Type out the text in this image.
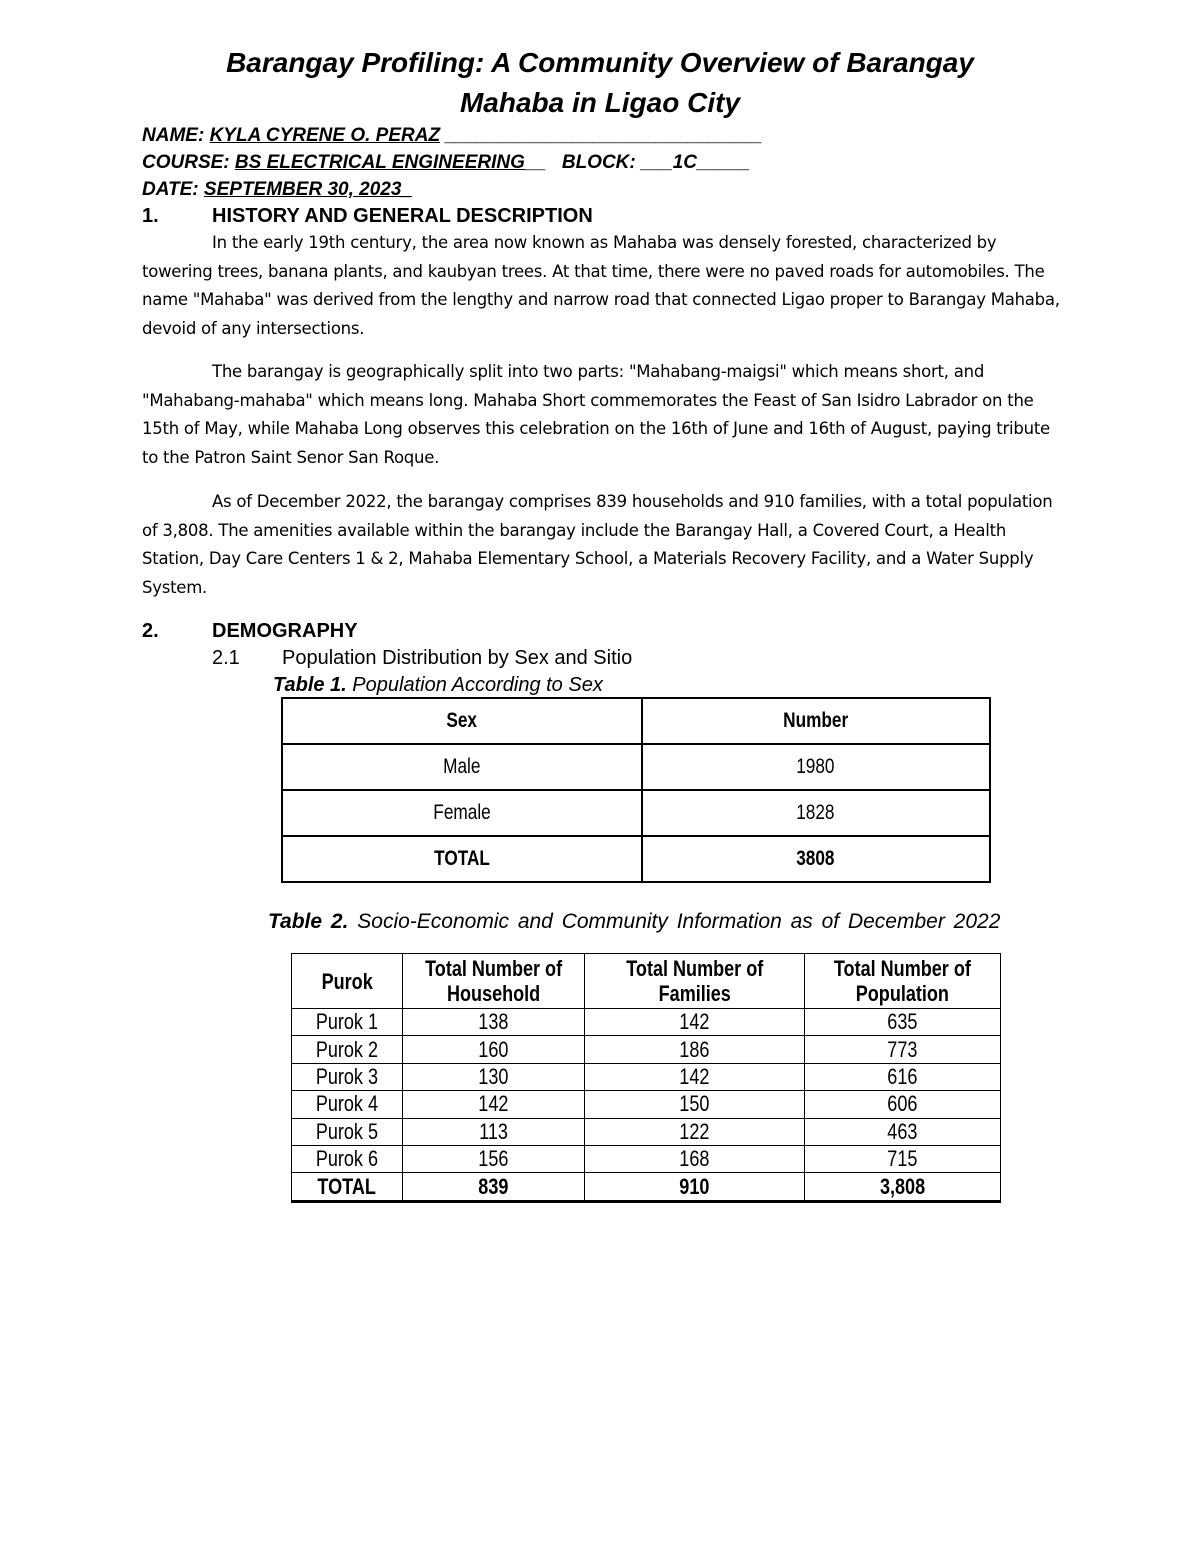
Barangay Profiling: A Community Overview of Barangay
Mahaba in Ligao City
NAME: KYLA CYRENE O. PERAZ ______________________________
COURSE: BS ELECTRICAL ENGINEERING__ BLOCK: ___1C_____
DATE: SEPTEMBER 30, 2023_
1.	HISTORY AND GENERAL DESCRIPTION

In the early 19th century, the area now known as Mahaba was densely forested, characterized by towering trees, banana plants, and kaubyan trees. At that time, there were no paved roads for automobiles. The name "Mahaba" was derived from the lengthy and narrow road that connected Ligao proper to Barangay Mahaba, devoid of any intersections.

The barangay is geographically split into two parts: "Mahabang-maigsi" which means short, and "Mahabang-mahaba" which means long. Mahaba Short commemorates the Feast of San Isidro Labrador on the 15th of May, while Mahaba Long observes this celebration on the 16th of June and 16th of August, paying tribute to the Patron Saint Senor San Roque.

As of December 2022, the barangay comprises 839 households and 910 families, with a total population of 3,808. The amenities available within the barangay include the Barangay Hall, a Covered Court, a Health Station, Day Care Centers 1 & 2, Mahaba Elementary School, a Materials Recovery Facility, and a Water Supply System.

2.	DEMOGRAPHY
2.1 Population Distribution by Sex and Sitio
Table 1. Population According to Sex
Sex	Number
Male	1980
Female	1828
TOTAL	3808
Table 2. Socio-Economic and Community Information as of December 2022
Purok	Total Number of Household	Total Number of Families	Total Number of Population
Purok 1	138	142	635
Purok 2	160	186	773
Purok 3	130	142	616
Purok 4	142	150	606
Purok 5	113	122	463
Purok 6	156	168	715
TOTAL	839	910	3,808
